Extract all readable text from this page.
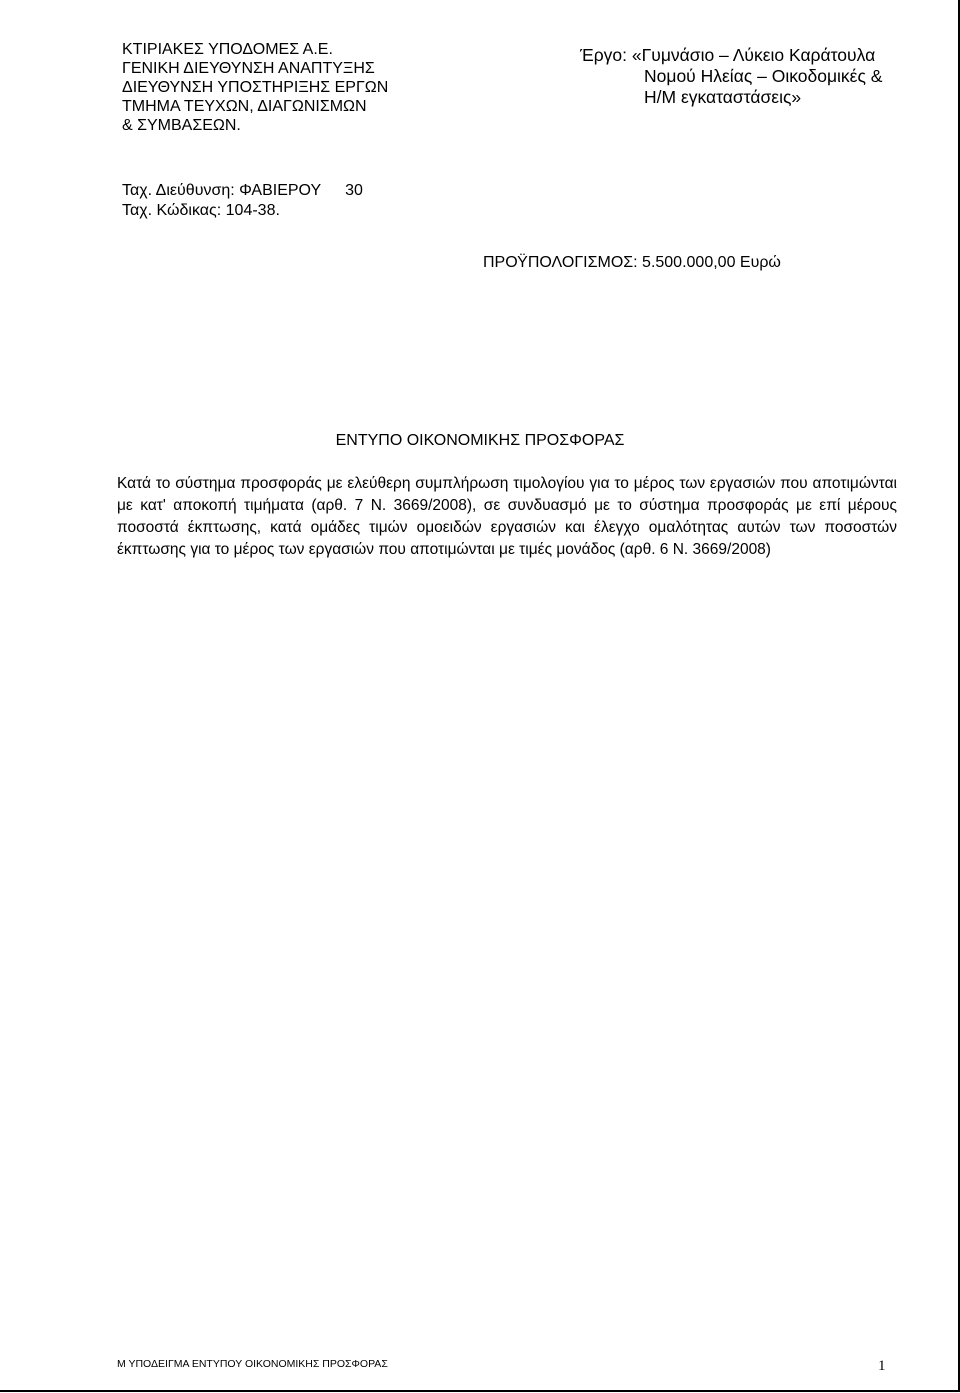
ΚΤΙΡΙΑΚΕΣ ΥΠΟΔΟΜΕΣ Α.Ε.
ΓΕΝΙΚΗ ΔΙΕΥΘΥΝΣΗ ΑΝΑΠΤΥΞΗΣ
ΔΙΕΥΘΥΝΣΗ ΥΠΟΣΤΗΡΙΞΗΣ ΕΡΓΩΝ
ΤΜΗΜΑ ΤΕΥΧΩΝ, ΔΙΑΓΩΝΙΣΜΩΝ
& ΣΥΜΒΑΣΕΩΝ.
Έργο: «Γυμνάσιο – Λύκειο Καράτουλα
Νομού Ηλείας – Οικοδομικές &
Η/Μ εγκαταστάσεις»
Ταχ. Διεύθυνση: ΦΑΒΙΕΡΟΥ 30
Ταχ. Κώδικας: 104-38.
ΠΡΟΫΠΟΛΟΓΙΣΜΟΣ: 5.500.000,00 Ευρώ
ΕΝΤΥΠΟ ΟΙΚΟΝΟΜΙΚΗΣ ΠΡΟΣΦΟΡΑΣ
Κατά το σύστημα προσφοράς με ελεύθερη συμπλήρωση τιμολογίου για το μέρος των εργασιών που αποτιμώνται με κατ' αποκοπή τιμήματα (αρθ. 7 Ν. 3669/2008), σε συνδυασμό με το σύστημα προσφοράς με επί μέρους ποσοστά έκπτωσης, κατά ομάδες τιμών ομοειδών εργασιών και έλεγχο ομαλότητας αυτών των ποσοστών έκπτωσης για το μέρος των εργασιών που αποτιμώνται με τιμές μονάδος (αρθ. 6 Ν. 3669/2008)
Μ ΥΠΟΔΕΙΓΜΑ ΕΝΤΥΠΟΥ ΟΙΚΟΝΟΜΙΚΗΣ ΠΡΟΣΦΟΡΑΣ	1
